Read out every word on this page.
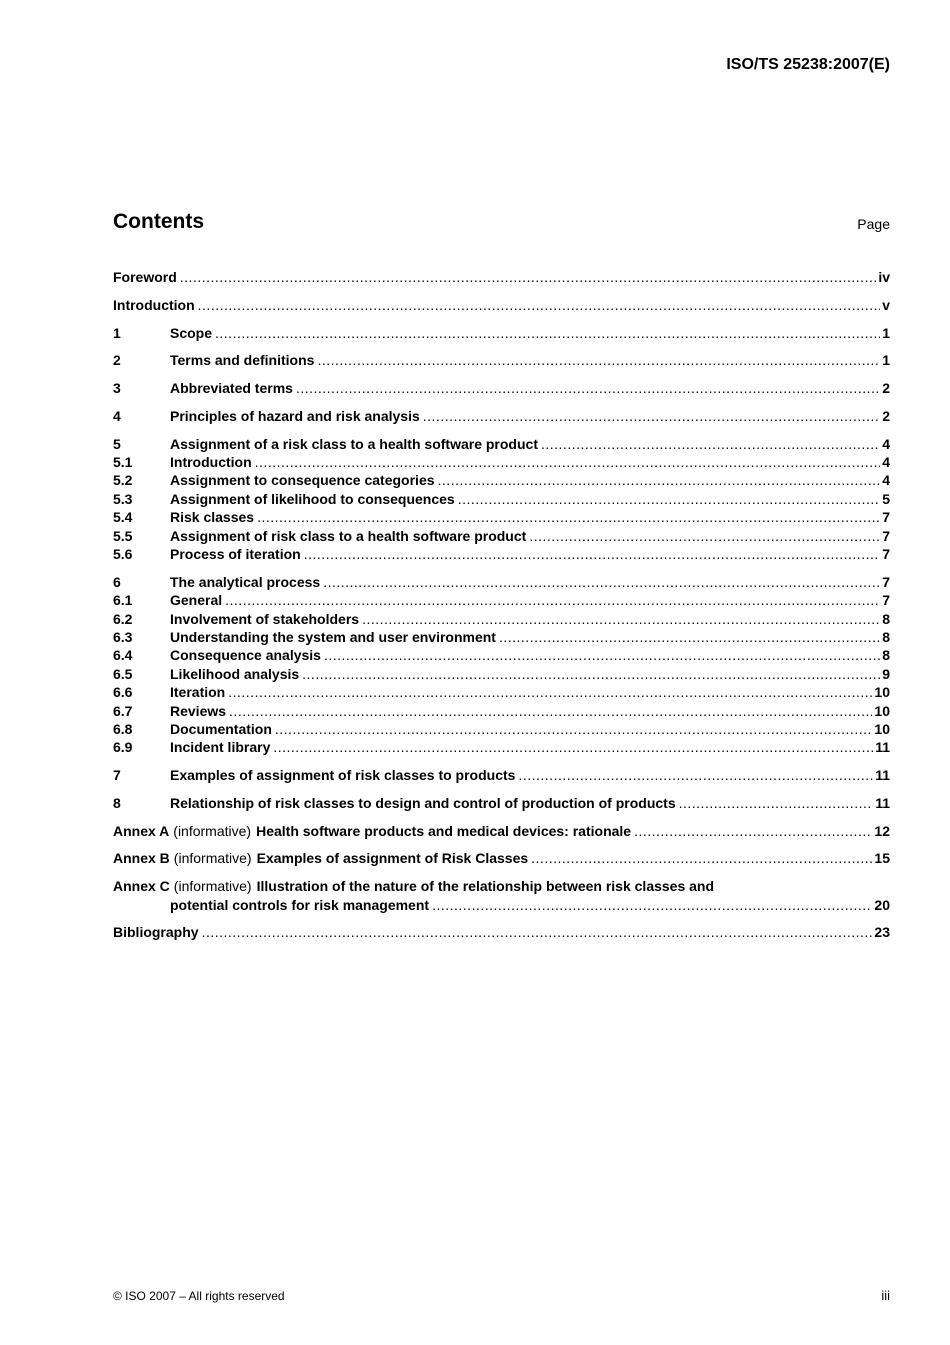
ISO/TS 25238:2007(E)
Contents	Page
Foreword .....	iv
Introduction .....	v
1	Scope .....	1
2	Terms and definitions .....	1
3	Abbreviated terms .....	2
4	Principles of hazard and risk analysis .....	2
5	Assignment of a risk class to a health software product .....	4
5.1	Introduction .....	4
5.2	Assignment to consequence categories .....	4
5.3	Assignment of likelihood to consequences .....	5
5.4	Risk classes .....	7
5.5	Assignment of risk class to a health software product .....	7
5.6	Process of iteration .....	7
6	The analytical process .....	7
6.1	General .....	7
6.2	Involvement of stakeholders .....	8
6.3	Understanding the system and user environment .....	8
6.4	Consequence analysis .....	8
6.5	Likelihood analysis .....	9
6.6	Iteration .....	10
6.7	Reviews .....	10
6.8	Documentation .....	10
6.9	Incident library .....	11
7	Examples of assignment of risk classes to products .....	11
8	Relationship of risk classes to design and control of production of products .....	11
Annex A (informative) Health software products and medical devices: rationale .....	12
Annex B (informative) Examples of assignment of Risk Classes .....	15
Annex C (informative) Illustration of the nature of the relationship between risk classes and
potential controls for risk management .....	20
Bibliography .....	23
© ISO 2007 – All rights reserved	iii
